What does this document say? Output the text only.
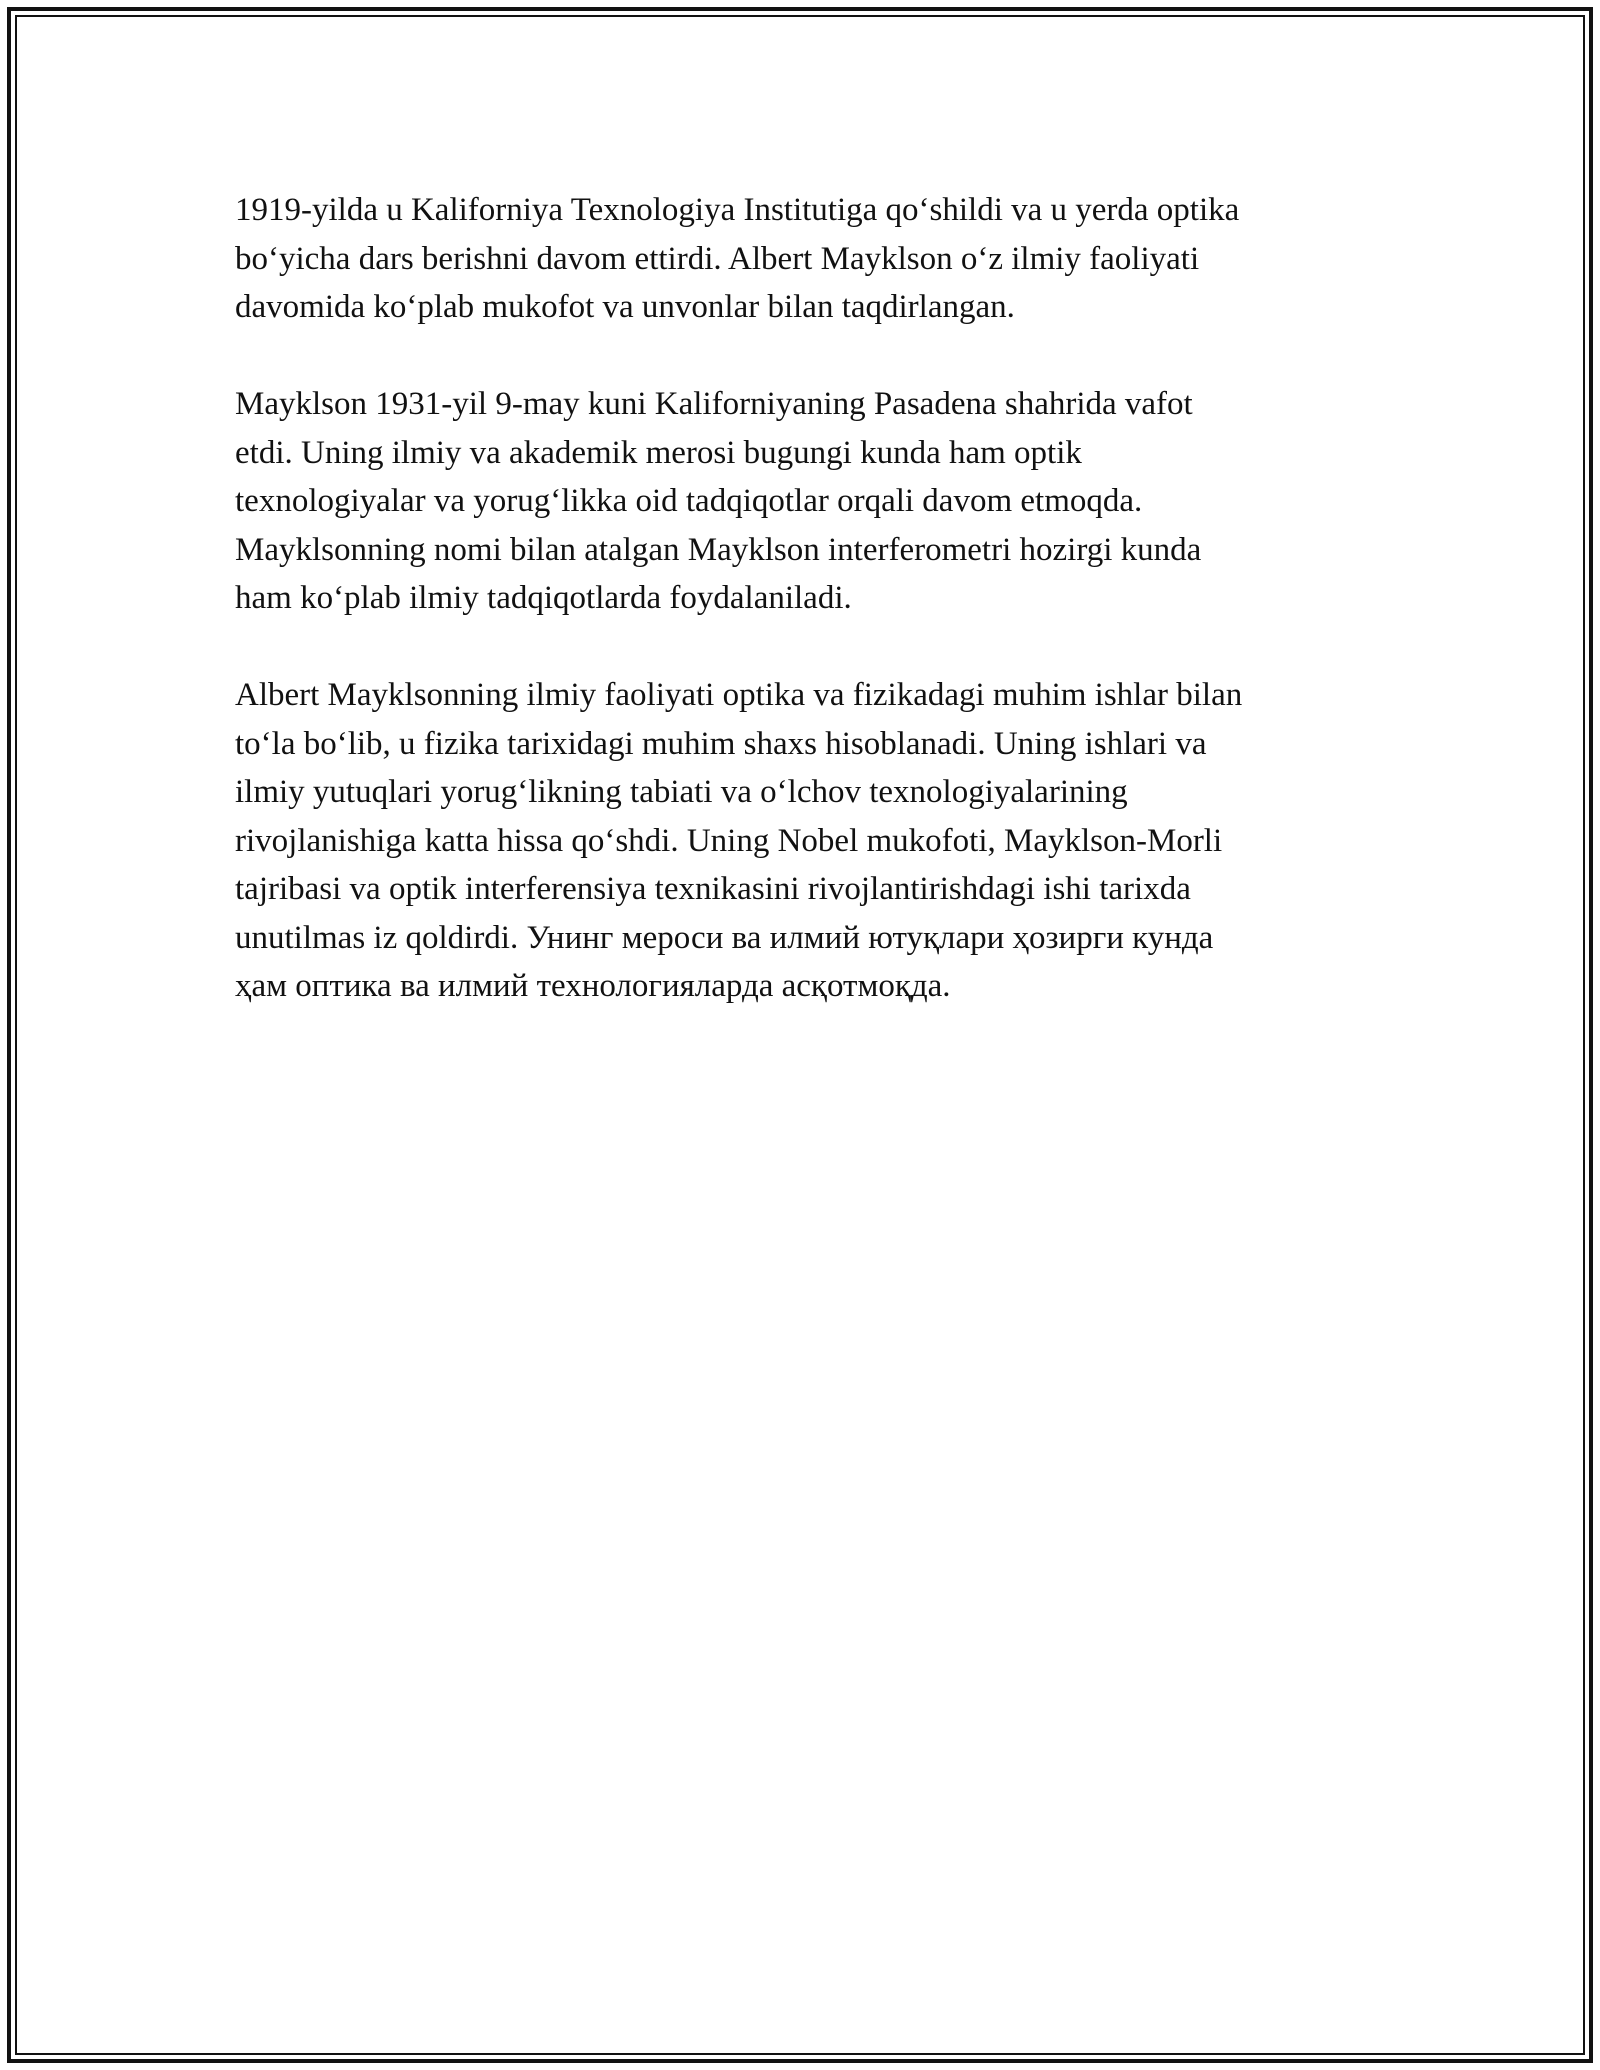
1919-yilda u Kaliforniya Texnologiya Institutiga qoʻshildi va u yerda optika
boʻyicha dars berishni davom ettirdi. Albert Mayklson oʻz ilmiy faoliyati
davomida koʻplab mukofot va unvonlar bilan taqdirlangan.

Mayklson 1931-yil 9-may kuni Kaliforniyaning Pasadena shahrida vafot
etdi. Uning ilmiy va akademik merosi bugungi kunda ham optik
texnologiyalar va yorugʻlikka oid tadqiqotlar orqali davom etmoqda.
Mayklsonning nomi bilan atalgan Mayklson interferometri hozirgi kunda
ham koʻplab ilmiy tadqiqotlarda foydalaniladi.

Albert Mayklsonning ilmiy faoliyati optika va fizikadagi muhim ishlar bilan
toʻla boʻlib, u fizika tarixidagi muhim shaxs hisoblanadi. Uning ishlari va
ilmiy yutuqlari yorugʻlikning tabiati va oʻlchov texnologiyalarining
rivojlanishiga katta hissa qoʻshdi. Uning Nobel mukofoti, Mayklson-Morli
tajribasi va optik interferensiya texnikasini rivojlantirishdagi ishi tarixda
unutilmas iz qoldirdi. Унинг мероси ва илмий ютуқлари ҳозирги кунда
ҳам оптика ва илмий технологияларда асқотмоқда.
